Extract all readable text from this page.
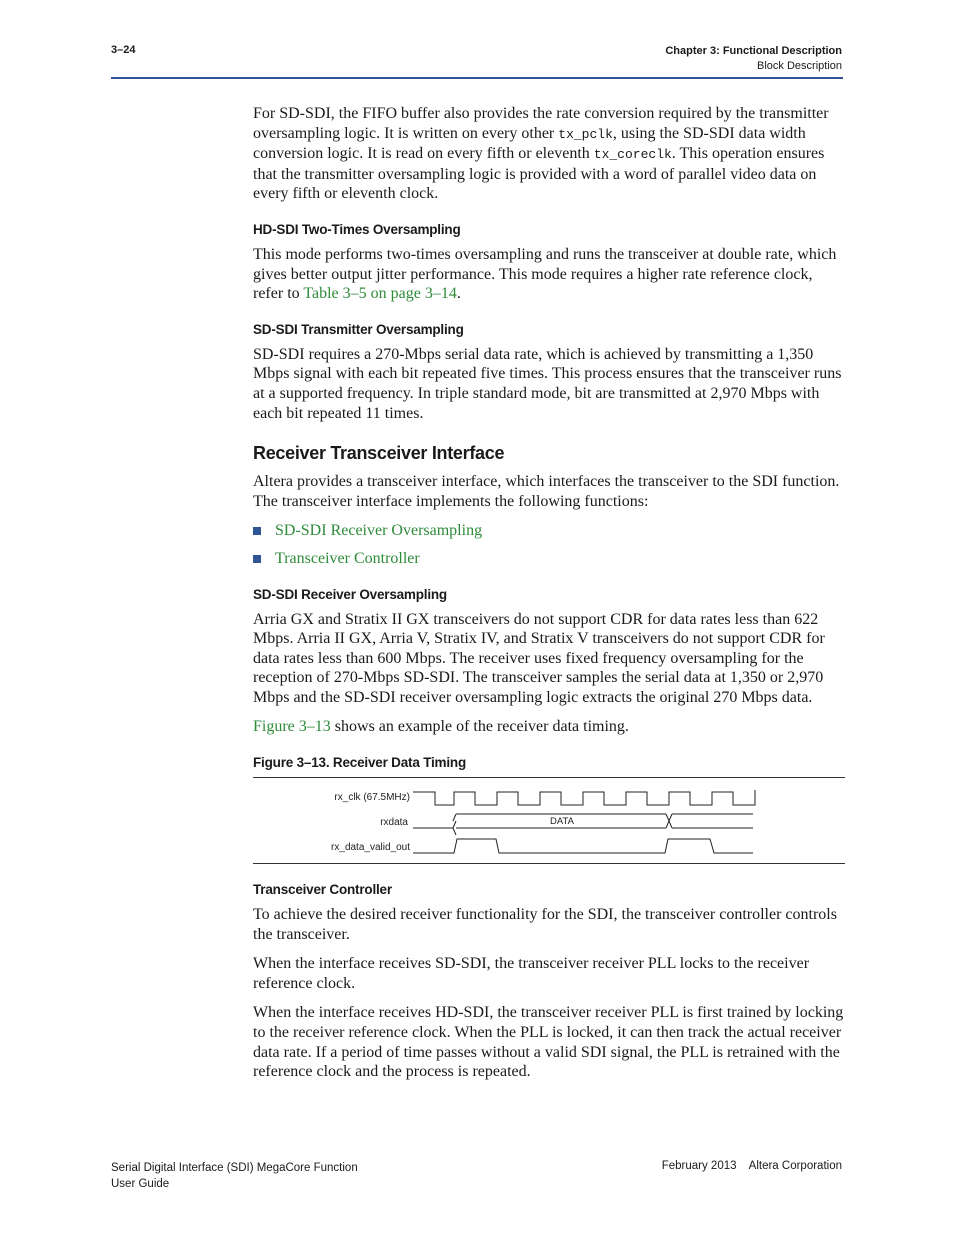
3–24	Chapter 3: Functional Description
Block Description

For SD-SDI, the FIFO buffer also provides the rate conversion required by the transmitter oversampling logic. It is written on every other tx_pclk, using the SD-SDI data width conversion logic. It is read on every fifth or eleventh tx_coreclk. This operation ensures that the transmitter oversampling logic is provided with a word of parallel video data on every fifth or eleventh clock.

HD-SDI Two-Times Oversampling

This mode performs two-times oversampling and runs the transceiver at double rate, which gives better output jitter performance. This mode requires a higher rate reference clock, refer to Table 3–5 on page 3–14.

SD-SDI Transmitter Oversampling

SD-SDI requires a 270-Mbps serial data rate, which is achieved by transmitting a 1,350 Mbps signal with each bit repeated five times. This process ensures that the transceiver runs at a supported frequency. In triple standard mode, bit are transmitted at 2,970 Mbps with each bit repeated 11 times.

Receiver Transceiver Interface

Altera provides a transceiver interface, which interfaces the transceiver to the SDI function. The transceiver interface implements the following functions:

SD-SDI Receiver Oversampling
Transceiver Controller
SD-SDI Receiver Oversampling

Arria GX and Stratix II GX transceivers do not support CDR for data rates less than 622 Mbps. Arria II GX, Arria V, Stratix IV, and Stratix V transceivers do not support CDR for data rates less than 600 Mbps. The receiver uses fixed frequency oversampling for the reception of 270-Mbps SD-SDI. The transceiver samples the serial data at 1,350 or 2,970 Mbps and the SD-SDI receiver oversampling logic extracts the original 270 Mbps data.

Figure 3–13 shows an example of the receiver data timing.

Figure 3–13. Receiver Data Timing
rx_clk (67.5MHz)
rxdata
rx_data_valid_out
DATA
Transceiver Controller

To achieve the desired receiver functionality for the SDI, the transceiver controller controls the transceiver.

When the interface receives SD-SDI, the transceiver receiver PLL locks to the receiver reference clock.

When the interface receives HD-SDI, the transceiver receiver PLL is first trained by locking to the receiver reference clock. When the PLL is locked, it can then track the actual receiver data rate. If a period of time passes without a valid SDI signal, the PLL is retrained with the reference clock and the process is repeated.

Serial Digital Interface (SDI) MegaCore Function
User Guide
February 2013    Altera Corporation
